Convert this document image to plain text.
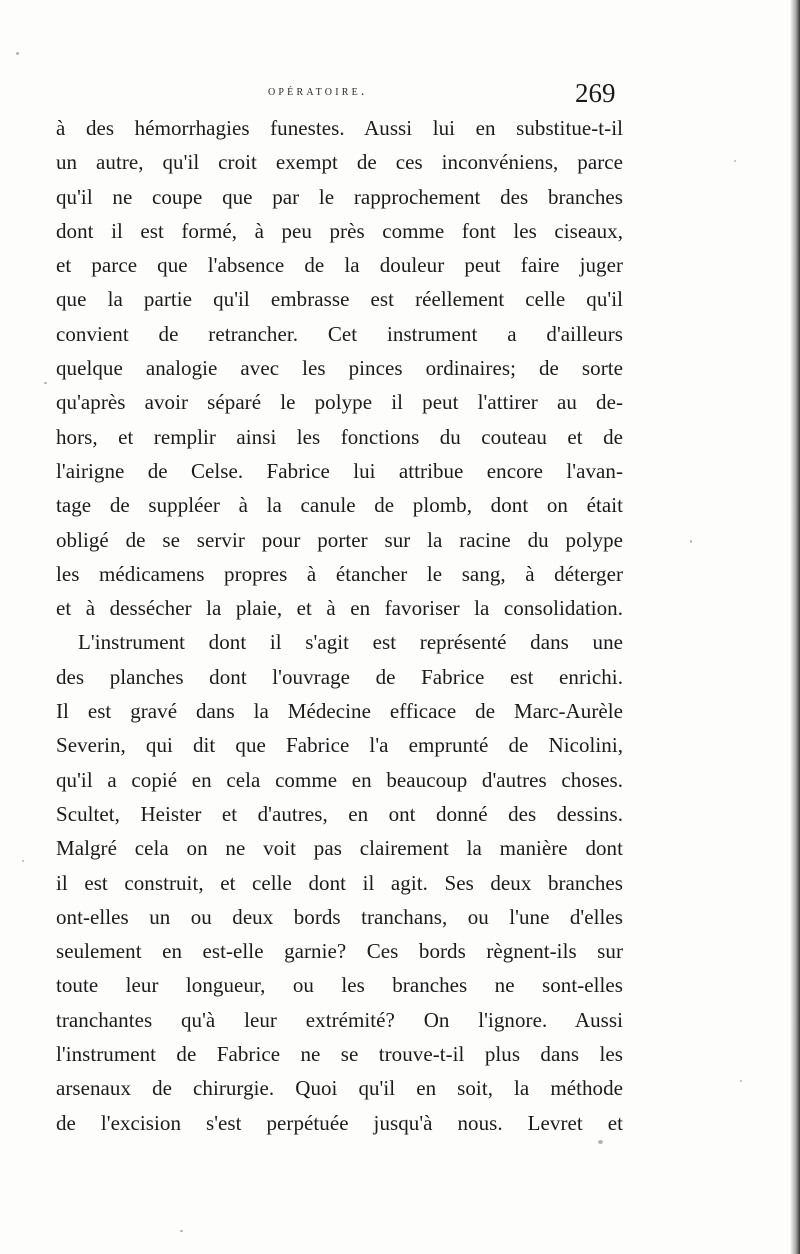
opératoire.	269
à des hémorrhagies funestes. Aussi lui en substitue-t-il
un autre, qu'il croit exempt de ces inconvéniens, parce
qu'il ne coupe que par le rapprochement des branches
dont il est formé, à peu près comme font les ciseaux,
et parce que l'absence de la douleur peut faire juger
que la partie qu'il embrasse est réellement celle qu'il
convient de retrancher. Cet instrument a d'ailleurs
quelque analogie avec les pinces ordinaires; de sorte
qu'après avoir séparé le polype il peut l'attirer au de-
hors, et remplir ainsi les fonctions du couteau et de
l'airigne de Celse. Fabrice lui attribue encore l'avan-
tage de suppléer à la canule de plomb, dont on était
obligé de se servir pour porter sur la racine du polype
les médicamens propres à étancher le sang, à déterger
et à dessécher la plaie, et à en favoriser la consolidation.
L'instrument dont il s'agit est représenté dans une
des planches dont l'ouvrage de Fabrice est enrichi.
Il est gravé dans la Médecine efficace de Marc-Aurèle
Severin, qui dit que Fabrice l'a emprunté de Nicolini,
qu'il a copié en cela comme en beaucoup d'autres choses.
Scultet, Heister et d'autres, en ont donné des dessins.
Malgré cela on ne voit pas clairement la manière dont
il est construit, et celle dont il agit. Ses deux branches
ont-elles un ou deux bords tranchans, ou l'une d'elles
seulement en est-elle garnie? Ces bords règnent-ils sur
toute leur longueur, ou les branches ne sont-elles
tranchantes qu'à leur extrémité? On l'ignore. Aussi
l'instrument de Fabrice ne se trouve-t-il plus dans les
arsenaux de chirurgie. Quoi qu'il en soit, la méthode
de l'excision s'est perpétuée jusqu'à nous. Levret et
